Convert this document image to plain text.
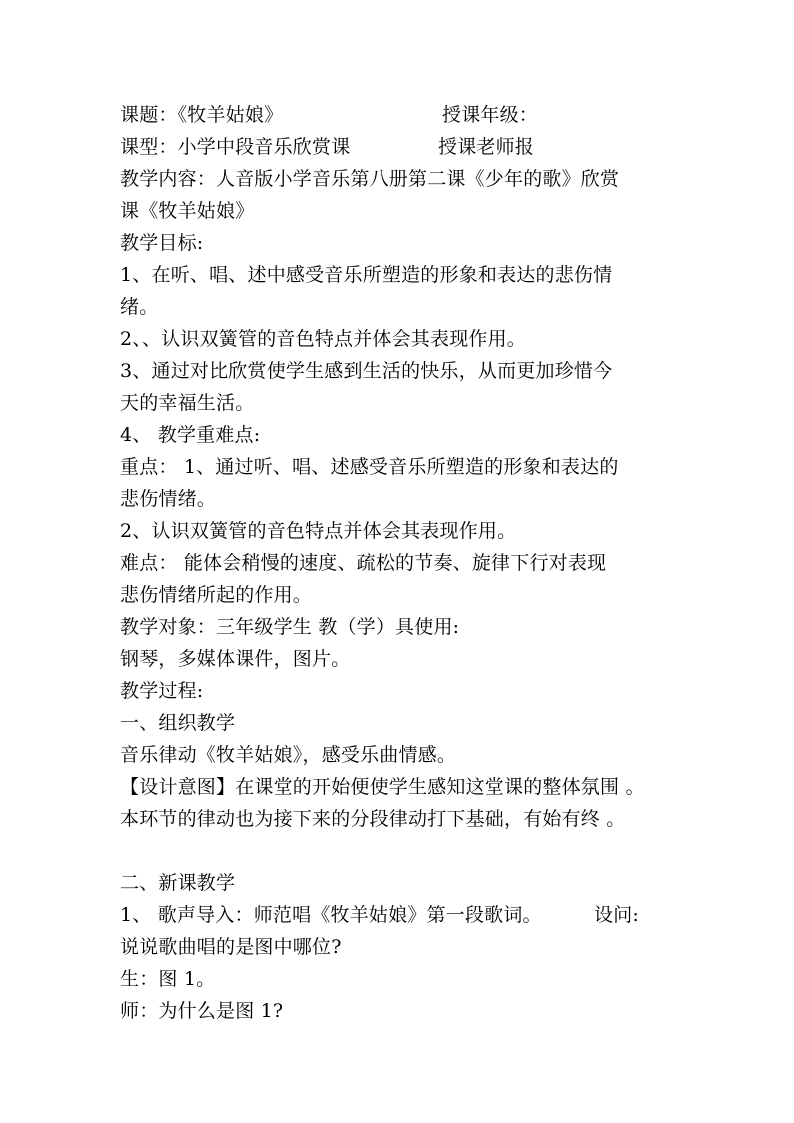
课题：《牧羊姑娘》	授课年级：
课型：小学中段音乐欣赏课	授课老师报
教学内容：人音版小学音乐第八册第二课《少年的歌》欣赏
课《牧羊姑娘》
教学目标:
1、在听、唱、述中感受音乐所塑造的形象和表达的悲伤情
绪。
2、、认识双簧管的音色特点并体会其表现作用。
3、通过对比欣赏使学生感到生活的快乐，从而更加珍惜今
天的幸福生活。
4、 教学重难点:
重点： 1、通过听、唱、述感受音乐所塑造的形象和表达的
悲伤情绪。
2、认识双簧管的音色特点并体会其表现作用。
难点： 能体会稍慢的速度、疏松的节奏、旋律下行对表现
悲伤情绪所起的作用。
教学对象：三年级学生 教（学）具使用:
钢琴，多媒体课件，图片。
教学过程:
一、组织教学
音乐律动《牧羊姑娘》，感受乐曲情感。
【设计意图】在课堂的开始便使学生感知这堂课的整体氛围 。
本环节的律动也为接下来的分段律动打下基础，有始有终 。
二、新课教学
1、 歌声导入：师范唱《牧羊姑娘》第一段歌词。	设问:
说说歌曲唱的是图中哪位?
生：图 1。
师：为什么是图 1?
